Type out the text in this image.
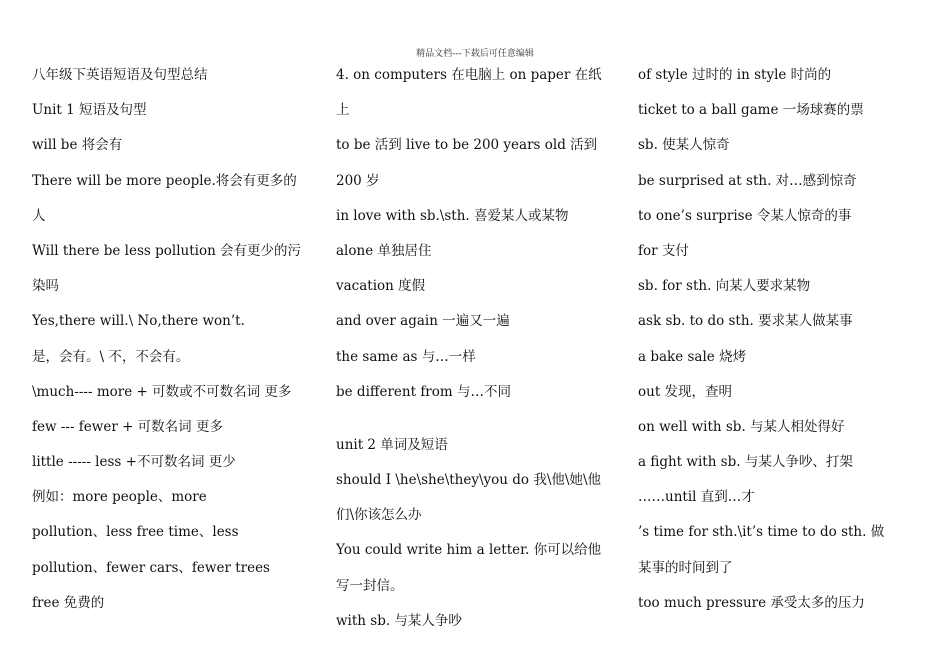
精品文档---下载后可任意编辑
八年级下英语短语及句型总结
Unit 1 短语及句型
will be 将会有
There will be more people.将会有更多的
人
Will there be less pollution 会有更少的污
染吗
Yes,there will.\ No,there won’t.
是，会有。\ 不，不会有。
\much---- more + 可数或不可数名词 更多
few --- fewer + 可数名词 更多
little ----- less +不可数名词 更少
例如：more people、more
pollution、less free time、less
pollution、fewer cars、fewer trees
free 免费的
4. on computers 在电脑上 on paper 在纸
上
to be 活到 live to be 200 years old 活到
200 岁
in love with sb.\sth. 喜爱某人或某物
alone 单独居住
vacation 度假
and over again 一遍又一遍
the same as 与…一样
be different from 与…不同
unit 2 单词及短语
should I \he\she\they\you do 我\他\她\他
们\你该怎么办
You could write him a letter. 你可以给他
写一封信。
with sb. 与某人争吵
of style 过时的 in style 时尚的
ticket to a ball game 一场球赛的票
sb. 使某人惊奇
be surprised at sth. 对…感到惊奇
to one’s surprise 令某人惊奇的事
for 支付
sb. for sth. 向某人要求某物
ask sb. to do sth. 要求某人做某事
a bake sale 烧烤
out 发现，查明
on well with sb. 与某人相处得好
a fight with sb. 与某人争吵、打架
……until 直到…才
’s time for sth.\it’s time to do sth. 做
某事的时间到了
too much pressure 承受太多的压力
